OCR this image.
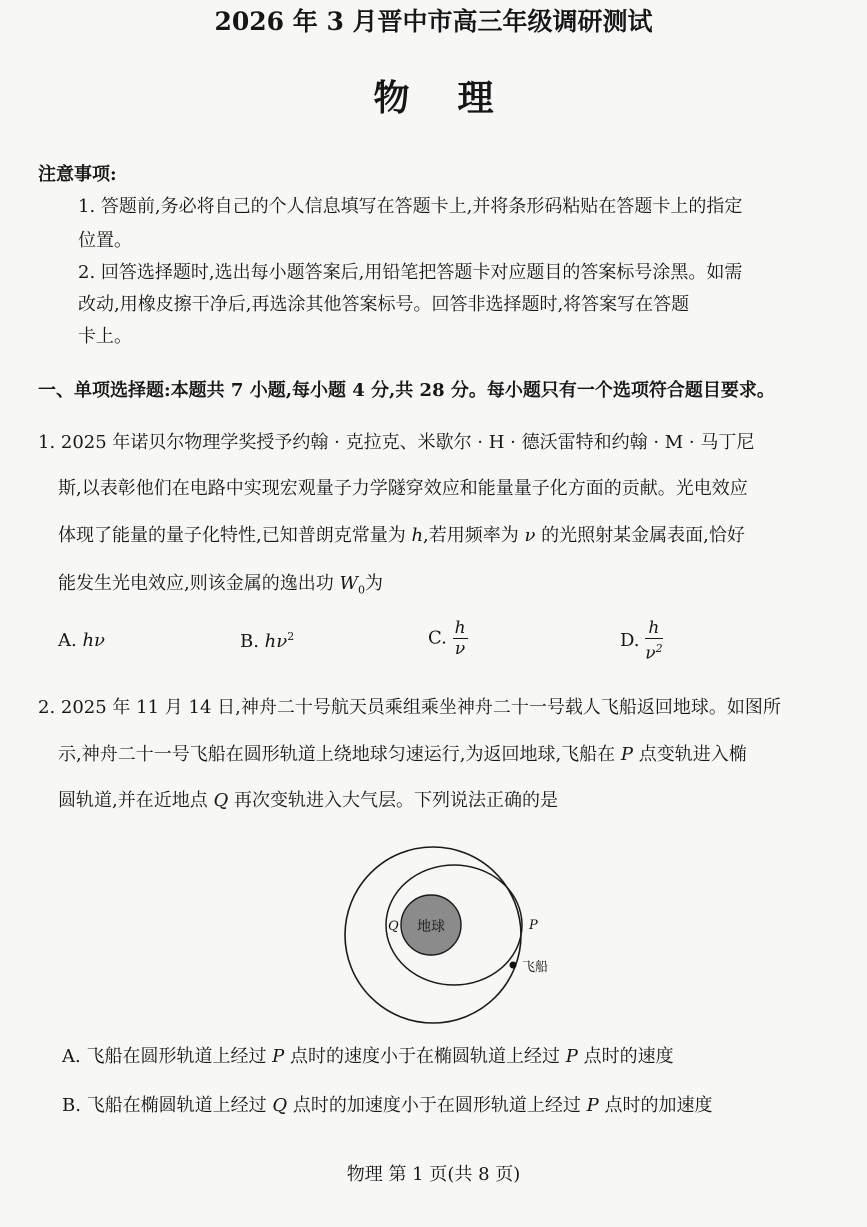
2026 年 3 月晋中市高三年级调研测试
物理
注意事项:
1. 答题前,务必将自己的个人信息填写在答题卡上,并将条形码粘贴在答题卡上的指定
位置。
2. 回答选择题时,选出每小题答案后,用铅笔把答题卡对应题目的答案标号涂黑。如需
改动,用橡皮擦干净后,再选涂其他答案标号。回答非选择题时,将答案写在答题
卡上。
一、单项选择题:本题共 7 小题,每小题 4 分,共 28 分。每小题只有一个选项符合题目要求。
1. 2025 年诺贝尔物理学奖授予约翰 · 克拉克、米歇尔 · H · 德沃雷特和约翰 · M · 马丁尼
斯,以表彰他们在电路中实现宏观量子力学隧穿效应和能量量子化方面的贡献。光电效应
体现了能量的量子化特性,已知普朗克常量为 h,若用频率为 ν 的光照射某金属表面,恰好
能发生光电效应,则该金属的逸出功 $W_0$为
A. hν	B. $h\nu^2$	C. $\frac{h}{\nu}$	D. $\frac{h}{\nu^2}$
2. 2025 年 11 月 14 日,神舟二十号航天员乘组乘坐神舟二十一号载人飞船返回地球。如图所
示,神舟二十一号飞船在圆形轨道上绕地球匀速运行,为返回地球,飞船在 P 点变轨进入椭
圆轨道,并在近地点 Q 再次变轨进入大气层。下列说法正确的是
地球
Q	P
飞船
A. 飞船在圆形轨道上经过 P 点时的速度小于在椭圆轨道上经过 P 点时的速度
B. 飞船在椭圆轨道上经过 Q 点时的加速度小于在圆形轨道上经过 P 点时的加速度
物理 第 1 页(共 8 页)
